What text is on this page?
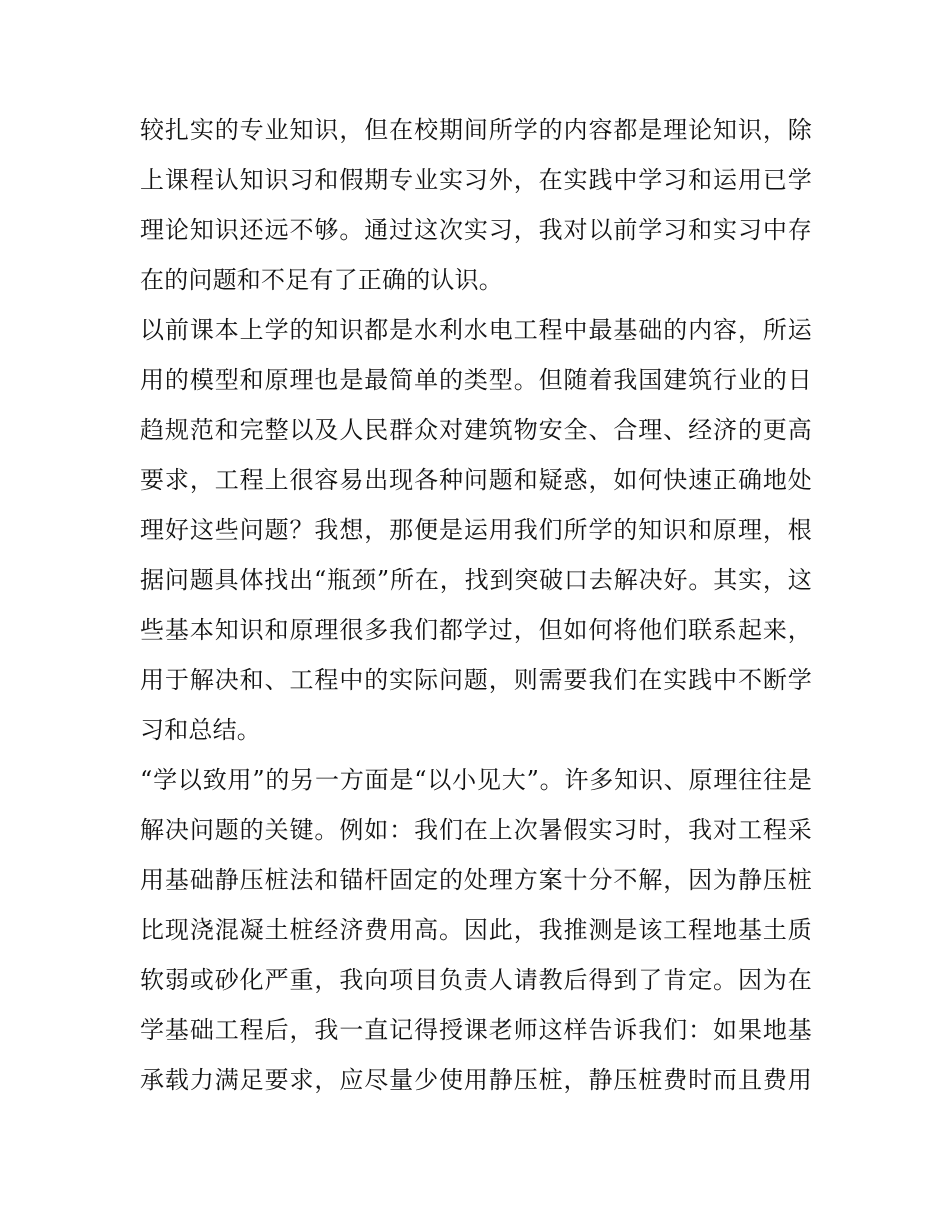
较扎实的专业知识，但在校期间所学的内容都是理论知识，除
上课程认知识习和假期专业实习外，在实践中学习和运用已学
理论知识还远不够。通过这次实习，我对以前学习和实习中存
在的问题和不足有了正确的认识。
以前课本上学的知识都是水利水电工程中最基础的内容，所运
用的模型和原理也是最简单的类型。但随着我国建筑行业的日
趋规范和完整以及人民群众对建筑物安全、合理、经济的更高
要求，工程上很容易出现各种问题和疑惑，如何快速正确地处
理好这些问题？我想，那便是运用我们所学的知识和原理，根
据问题具体找出“瓶颈”所在，找到突破口去解决好。其实，这
些基本知识和原理很多我们都学过，但如何将他们联系起来，
用于解决和、工程中的实际问题，则需要我们在实践中不断学
习和总结。
“学以致用”的另一方面是“以小见大”。许多知识、原理往往是
解决问题的关键。例如：我们在上次暑假实习时，我对工程采
用基础静压桩法和锚杆固定的处理方案十分不解，因为静压桩
比现浇混凝土桩经济费用高。因此，我推测是该工程地基土质
软弱或砂化严重，我向项目负责人请教后得到了肯定。因为在
学基础工程后，我一直记得授课老师这样告诉我们：如果地基
承载力满足要求，应尽量少使用静压桩，静压桩费时而且费用
